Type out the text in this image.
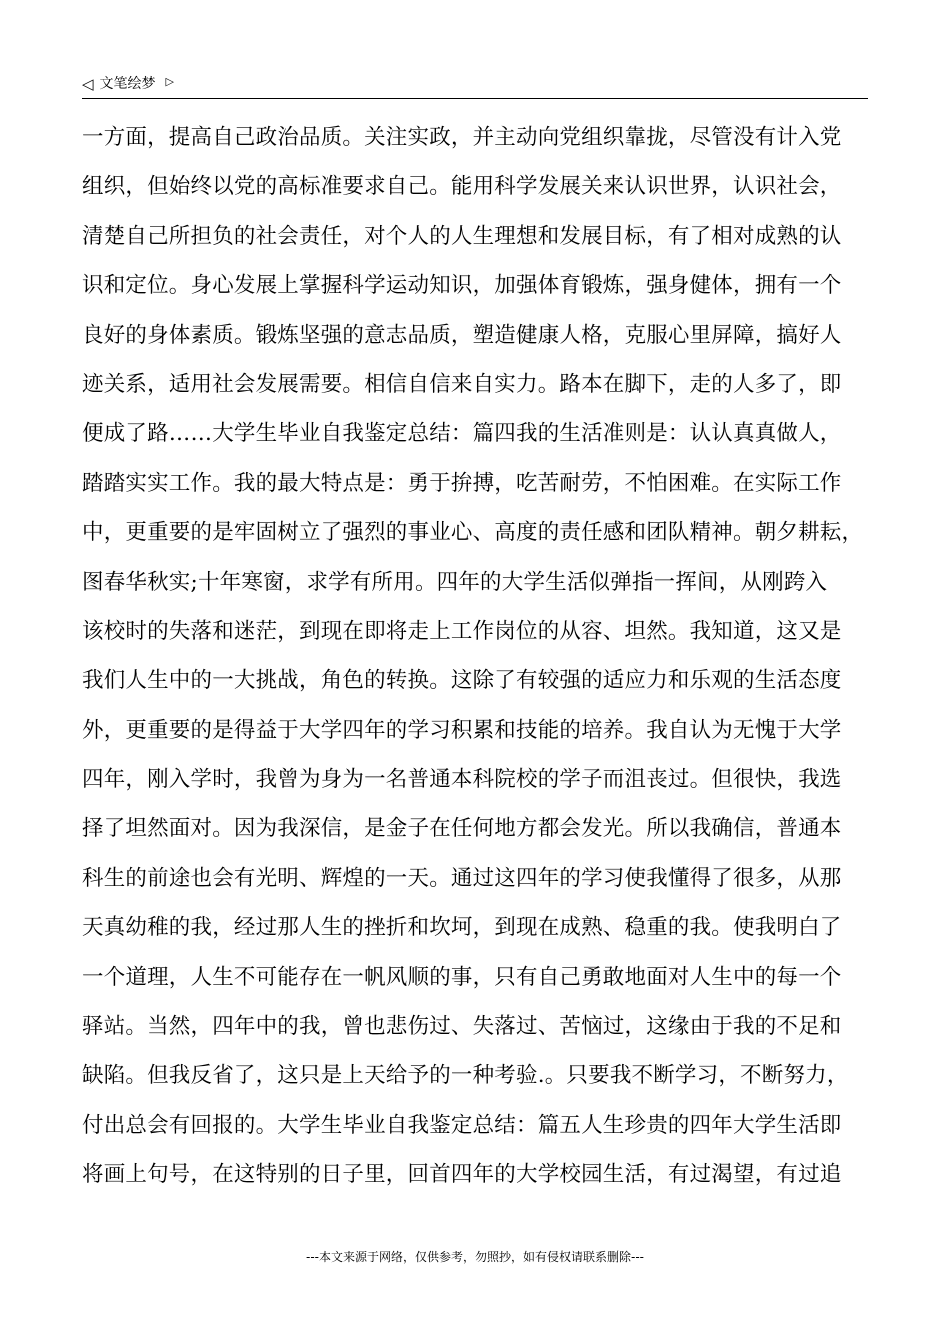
◁ 文笔绘梦 ▷
一方面，提高自己政治品质。关注实政，并主动向党组织靠拢，尽管没有计入党
组织，但始终以党的高标准要求自己。能用科学发展关来认识世界，认识社会，
清楚自己所担负的社会责任，对个人的人生理想和发展目标，有了相对成熟的认
识和定位。身心发展上掌握科学运动知识，加强体育锻炼，强身健体，拥有一个
良好的身体素质。锻炼坚强的意志品质，塑造健康人格，克服心里屏障，搞好人
迹关系，适用社会发展需要。相信自信来自实力。路本在脚下，走的人多了，即
便成了路……大学生毕业自我鉴定总结：篇四我的生活准则是：认认真真做人，
踏踏实实工作。我的最大特点是：勇于拚搏，吃苦耐劳，不怕困难。在实际工作
中，更重要的是牢固树立了强烈的事业心、高度的责任感和团队精神。朝夕耕耘，
图春华秋实;十年寒窗，求学有所用。四年的大学生活似弹指一挥间，从刚跨入
该校时的失落和迷茫，到现在即将走上工作岗位的从容、坦然。我知道，这又是
我们人生中的一大挑战，角色的转换。这除了有较强的适应力和乐观的生活态度
外，更重要的是得益于大学四年的学习积累和技能的培养。我自认为无愧于大学
四年，刚入学时，我曾为身为一名普通本科院校的学子而沮丧过。但很快，我选
择了坦然面对。因为我深信，是金子在任何地方都会发光。所以我确信，普通本
科生的前途也会有光明、辉煌的一天。通过这四年的学习使我懂得了很多，从那
天真幼稚的我，经过那人生的挫折和坎坷，到现在成熟、稳重的我。使我明白了
一个道理，人生不可能存在一帆风顺的事，只有自己勇敢地面对人生中的每一个
驿站。当然，四年中的我，曾也悲伤过、失落过、苦恼过，这缘由于我的不足和
缺陷。但我反省了，这只是上天给予的一种考验.。只要我不断学习，不断努力，
付出总会有回报的。大学生毕业自我鉴定总结：篇五人生珍贵的四年大学生活即
将画上句号，在这特别的日子里，回首四年的大学校园生活，有过渴望，有过追
---本文来源于网络，仅供参考，勿照抄，如有侵权请联系删除---
